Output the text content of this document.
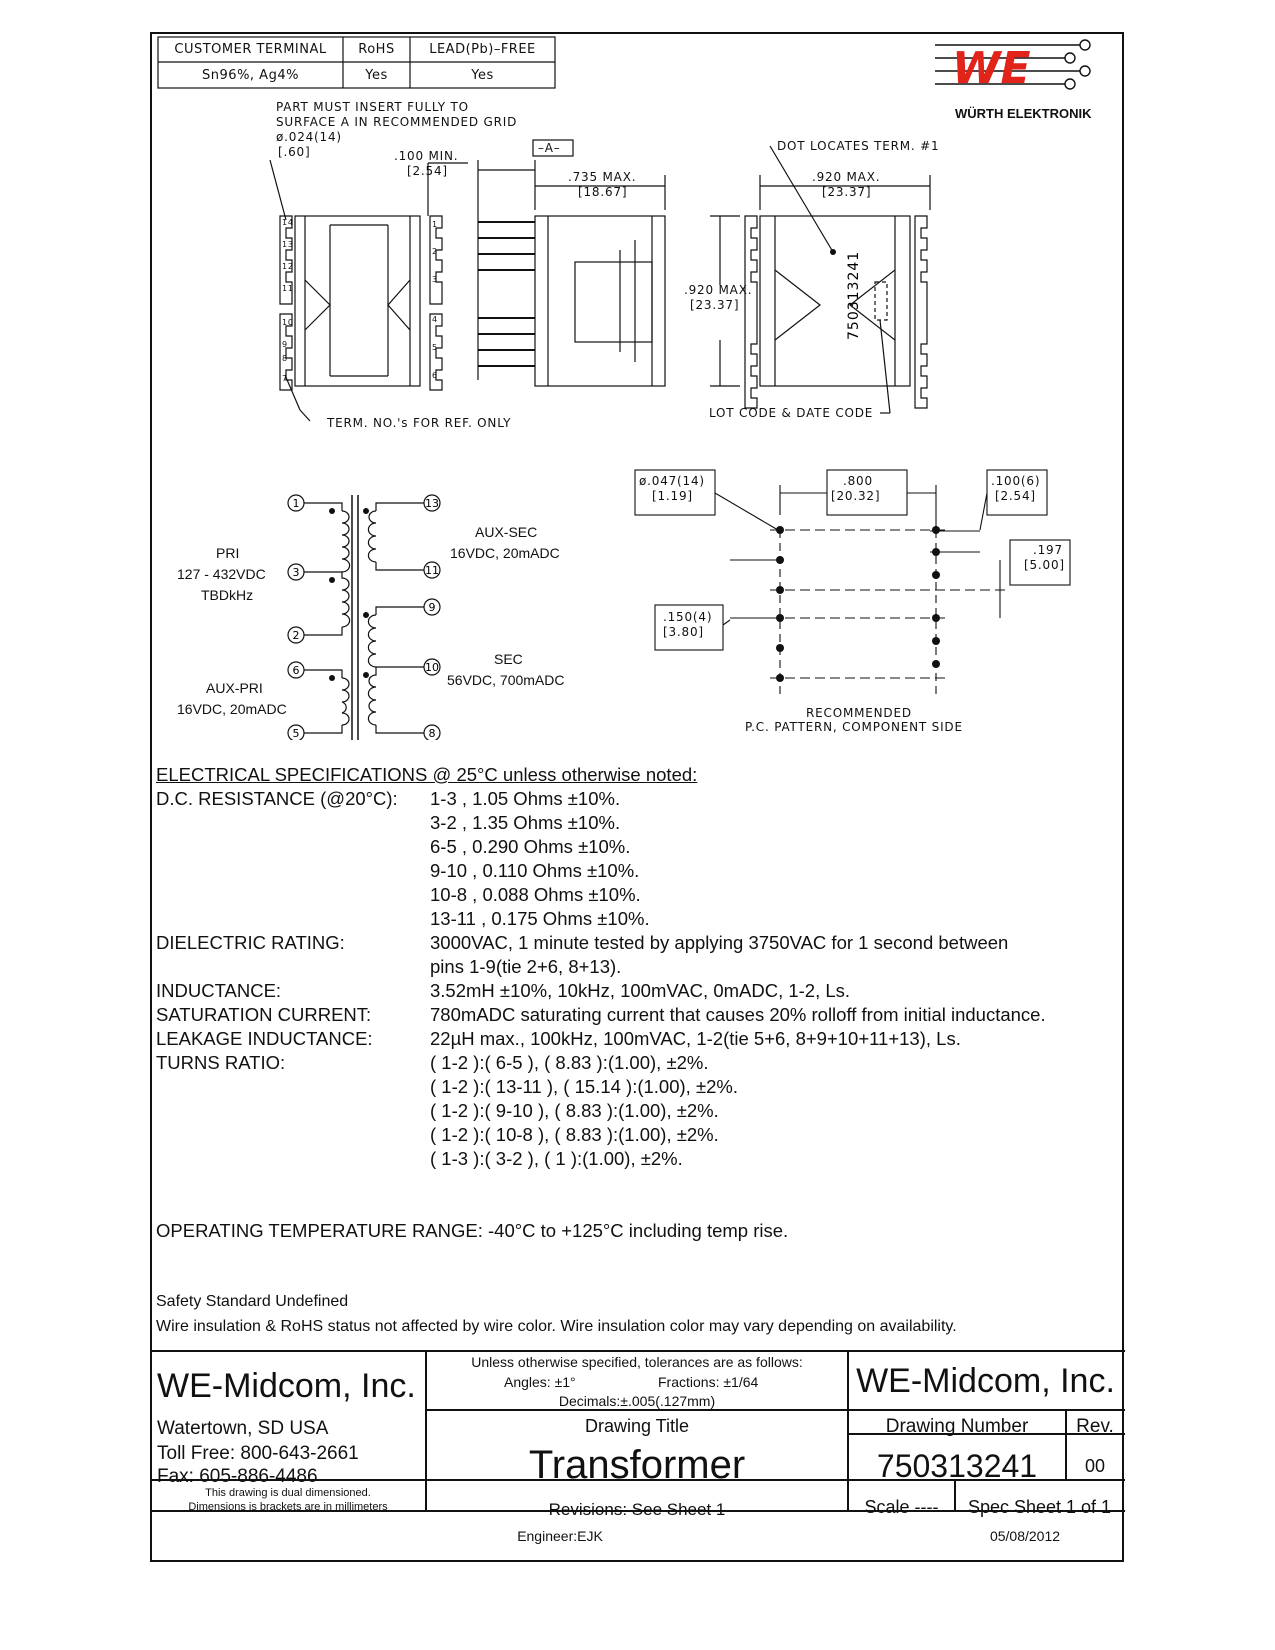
CUSTOMER TERMINAL	RoHS	LEAD(Pb)–FREE
Sn96%, Ag4%	Yes	Yes	WE
WÜRTH ELEKTRONIK
750313241
PART MUST INSERT FULLY TO
SURFACE A IN RECOMMENDED GRID
ø.024(14)
[.60]	.100 MIN.
[2.54]
–A–
.735 MAX.
[18.67]
DOT LOCATES TERM. #1
.920 MAX.
[23.37]
.920 MAX.
[23.37]
TERM. NO.'s FOR REF. ONLY
LOT CODE & DATE CODE
14
13
12
11
10
9
8
7
1
2
3
4
5
6
1
3
2
6
5
13
11
9
10
8
PRI
127 - 432VDC
TBDkHz
AUX-PRI
16VDC, 20mADC
AUX-SEC
16VDC, 20mADC
SEC
56VDC, 700mADC
ø.047(14)
[1.19]
.800
[20.32]
.100(6)
[2.54]
.197
[5.00]
.150(4)
[3.80]
RECOMMENDED
P.C. PATTERN, COMPONENT SIDE
ELECTRICAL SPECIFICATIONS @ 25°C unless otherwise noted:
D.C. RESISTANCE (@20°C): 1-3 , 1.05 Ohms ±10%.
3-2 , 1.35 Ohms ±10%.
6-5 , 0.290 Ohms ±10%.
9-10 , 0.110 Ohms ±10%.
10-8 , 0.088 Ohms ±10%.
13-11 , 0.175 Ohms ±10%.
DIELECTRIC RATING:	3000VAC, 1 minute tested by applying 3750VAC for 1 second between
pins 1-9(tie 2+6, 8+13).
INDUCTANCE:	3.52mH ±10%, 10kHz, 100mVAC, 0mADC, 1-2, Ls.
SATURATION CURRENT:	780mADC saturating current that causes 20% rolloff from initial inductance.
LEAKAGE INDUCTANCE:	22µH max., 100kHz, 100mVAC, 1-2(tie 5+6, 8+9+10+11+13), Ls.
TURNS RATIO:	( 1-2 ):( 6-5 ), ( 8.83 ):(1.00), ±2%.
( 1-2 ):( 13-11 ), ( 15.14 ):(1.00), ±2%.
( 1-2 ):( 9-10 ), ( 8.83 ):(1.00), ±2%.
( 1-2 ):( 10-8 ), ( 8.83 ):(1.00), ±2%.
( 1-3 ):( 3-2 ), ( 1 ):(1.00), ±2%.
OPERATING TEMPERATURE RANGE: -40°C to +125°C including temp rise.
Safety Standard Undefined
Wire insulation & RoHS status not affected by wire color. Wire insulation color may vary depending on availability.
WE-Midcom, Inc.
Watertown, SD USA
Toll Free: 800-643-2661
Fax: 605-886-4486
This drawing is dual dimensioned.
Dimensions is brackets are in millimeters
Unless otherwise specified, tolerances are as follows:
Angles: ±1°	Fractions: ±1/64
Decimals:±.005(.127mm)
Drawing Title
Transformer
Revisions: See Sheet 1
WE-Midcom, Inc.
Drawing Number	Rev.
750313241	00
Scale ----	Spec Sheet 1 of 1
Engineer:EJK	05/08/2012
